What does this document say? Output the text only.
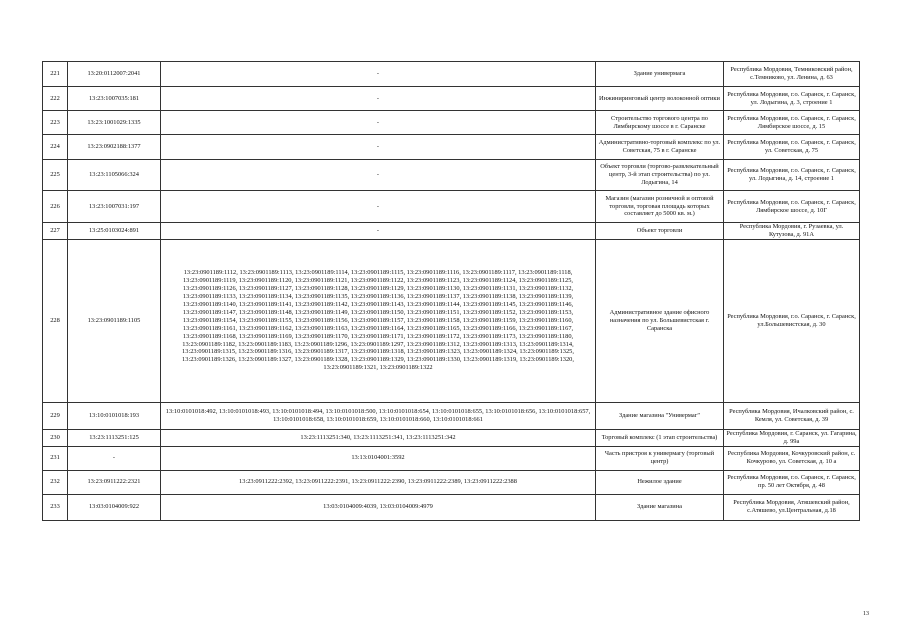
221	13:20:0112007:2041	-	Здание универмага	Республика Мордовия, Темниковский район, с.Темниково, ул. Ленина, д. 63
222	13:23:1007035:181	-	Инжиниринговый центр волоконной оптики	Республика Мордовия, г.о. Саранск, г. Саранск, ул. Лодыгина, д. 3, строение 1
223	13:23:1001029:1335	-	Строительство торгового центра по Лямбирскому шоссе в г. Саранске	Республика Мордовия, г.о. Саранск, г. Саранск, Лямбирское шоссе, д. 15
224	13:23:0902188:1377	-	Административно-торговый комплекс по ул. Советская, 75 в г. Саранске	Республика Мордовия, г.о. Саранск, г. Саранск, ул. Советская, д. 75
225	13:23:1105066:324	-	Объект торговли (торгово-развлекательный центр, 3-й этап строительства) по ул. Лодыгина, 14	Республика Мордовия, г.о. Саранск, г. Саранск, ул. Лодыгина, д. 14, строение 1
226	13:23:1007031:197	-	Магазин (магазин розничной и оптовой торговли, торговая площадь которых составляет до 5000 кв. м.)	Республика Мордовия, г.о. Саранск, г. Саранск, Лямбирское шоссе, д. 10Г
227	13:25:0103024:891	-	Объект торговли	Республика Мордовия, г. Рузаевка, ул. Кутузова, д. 91А
228	13:23:0901189:1105	13:23:0901189:1112, 13:23:0901189:1113, 13:23:0901189:1114, 13:23:0901189:1115, 13:23:0901189:1116, 13:23:0901189:1117, 13:23:0901189:1118, 13:23:0901189:1119, 13:23:0901189:1120, 13:23:0901189:1121, 13:23:0901189:1122, 13:23:0901189:1123, 13:23:0901189:1124, 13:23:0901189:1125, 13:23:0901189:1126, 13:23:0901189:1127, 13:23:0901189:1128, 13:23:0901189:1129, 13:23:0901189:1130, 13:23:0901189:1131, 13:23:0901189:1132, 13:23:0901189:1133, 13:23:0901189:1134, 13:23:0901189:1135, 13:23:0901189:1136, 13:23:0901189:1137, 13:23:0901189:1138, 13:23:0901189:1139, 13:23:0901189:1140, 13:23:0901189:1141, 13:23:0901189:1142, 13:23:0901189:1143, 13:23:0901189:1144, 13:23:0901189:1145, 13:23:0901189:1146, 13:23:0901189:1147, 13:23:0901189:1148, 13:23:0901189:1149, 13:23:0901189:1150, 13:23:0901189:1151, 13:23:0901189:1152, 13:23:0901189:1153, 13:23:0901189:1154, 13:23:0901189:1155, 13:23:0901189:1156, 13:23:0901189:1157, 13:23:0901189:1158, 13:23:0901189:1159, 13:23:0901189:1160, 13:23:0901189:1161, 13:23:0901189:1162, 13:23:0901189:1163, 13:23:0901189:1164, 13:23:0901189:1165, 13:23:0901189:1166, 13:23:0901189:1167, 13:23:0901189:1168, 13:23:0901189:1169, 13:23:0901189:1170, 13:23:0901189:1171, 13:23:0901189:1172, 13:23:0901189:1173, 13:23:0901189:1180, 13:23:0901189:1182, 13:23:0901189:1183, 13:23:0901189:1296, 13:23:0901189:1297, 13:23:0901189:1312, 13:23:0901189:1313, 13:23:0901189:1314, 13:23:0901189:1315, 13:23:0901189:1316, 13:23:0901189:1317, 13:23:0901189:1318, 13:23:0901189:1323, 13:23:0901189:1324, 13:23:0901189:1325, 13:23:0901189:1326, 13:23:0901189:1327, 13:23:0901189:1328, 13:23:0901189:1329, 13:23:0901189:1330, 13:23:0901189:1319, 13:23:0901189:1320, 13:23:0901189:1321, 13:23:0901189:1322	Административное здание офисного назначения по ул. Большевистская г. Саранска	Республика Мордовия, г.о. Саранск, г. Саранск, ул.Большевистская, д. 30
229	13:10:0101018:193	13:10:0101018:492, 13:10:0101018:493, 13:10:0101018:494, 13:10:0101018:500, 13:10:0101018:654, 13:10:0101018:655, 13:10:0101018:656, 13:10:0101018:657, 13:10:0101018:658, 13:10:0101018:659, 13:10:0101018:660, 13:10:0101018:661	Здание магазина "Универмаг"	Республика Мордовия, Ичалковский район, с. Кемля, ул. Советская, д. 39
230	13:23:1113251:125	13:23:1113251:340, 13:23:1113251:341, 13:23:1113251:342	Торговый комплекс (1 этап строительства)	Республика Мордовия, г. Саранск, ул. Гагарина, д. 99а
231	-	13:13:0104001:3592	Часть пристроя к универмагу (торговый центр)	Республика Мордовия, Кочкуровский район, с. Кочкурово, ул. Советская, д. 10 а
232	13:23:0911222:2321	13:23:0911222:2392, 13:23:0911222:2391, 13:23:0911222:2390, 13:23:0911222:2389, 13:23:0911222:2388	Нежилое здание	Республика Мордовия, г.о. Саранск, г. Саранск, пр. 50 лет Октября, д. 48
233	13:03:0104009:922	13:03:0104009:4039, 13:03:0104009:4979	Здание магазина	Республика Мордовия, Атяшевский район, с.Атяшево, ул.Центральная, д.18
13
